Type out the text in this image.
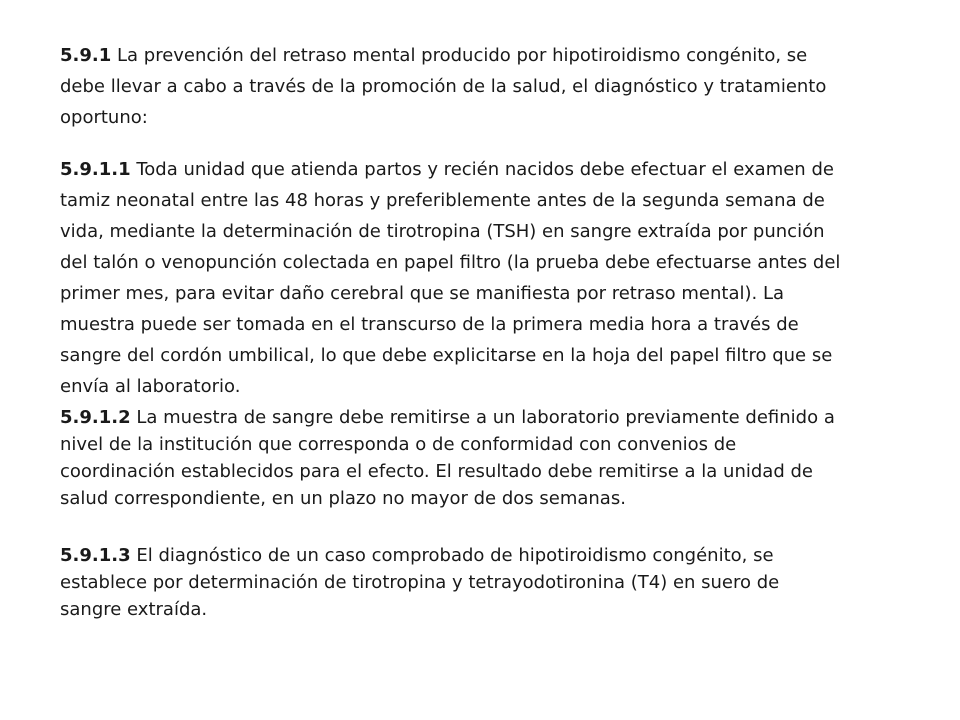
5.9.1 La prevención del retraso mental producido por hipotiroidismo congénito, se
debe llevar a cabo a través de la promoción de la salud, el diagnóstico y tratamiento
oportuno:

5.9.1.1 Toda unidad que atienda partos y recién nacidos debe efectuar el examen de
tamiz neonatal entre las 48 horas y preferiblemente antes de la segunda semana de
vida, mediante la determinación de tirotropina (TSH) en sangre extraída por punción
del talón o venopunción colectada en papel filtro (la prueba debe efectuarse antes del
primer mes, para evitar daño cerebral que se manifiesta por retraso mental). La
muestra puede ser tomada en el transcurso de la primera media hora a través de
sangre del cordón umbilical, lo que debe explicitarse en la hoja del papel filtro que se
envía al laboratorio.

5.9.1.2 La muestra de sangre debe remitirse a un laboratorio previamente definido a
nivel de la institución que corresponda o de conformidad con convenios de
coordinación establecidos para el efecto. El resultado debe remitirse a la unidad de
salud correspondiente, en un plazo no mayor de dos semanas.

5.9.1.3 El diagnóstico de un caso comprobado de hipotiroidismo congénito, se
establece por determinación de tirotropina y tetrayodotironina (T4) en suero de
sangre extraída.
